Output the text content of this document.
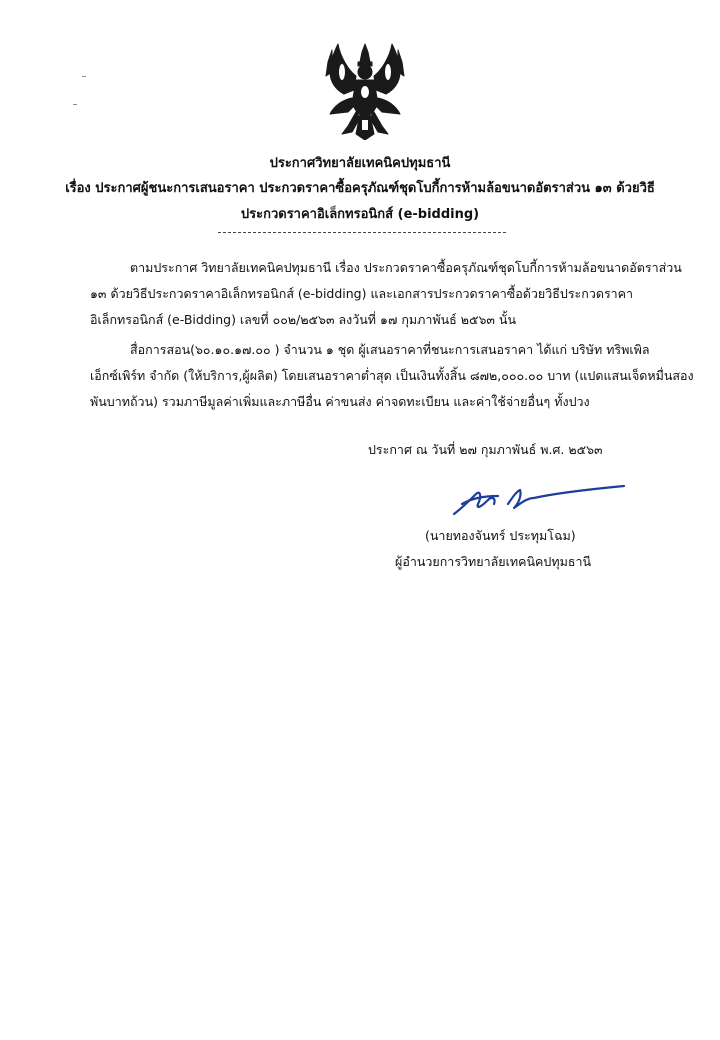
ประกาศวิทยาลัยเทคนิคปทุมธานี
เรื่อง ประกาศผู้ชนะการเสนอราคา ประกวดราคาซื้อครุภัณฑ์ชุดโบกี้การห้ามล้อขนาดอัตราส่วน ๑๓ ด้วยวิธี
ประกวดราคาอิเล็กทรอนิกส์ (e-bidding)
ตามประกาศ วิทยาลัยเทคนิคปทุมธานี เรื่อง ประกวดราคาซื้อครุภัณฑ์ชุดโบกี้การห้ามล้อขนาดอัตราส่วน
๑๓ ด้วยวิธีประกวดราคาอิเล็กทรอนิกส์ (e-bidding) และเอกสารประกวดราคาซื้อด้วยวิธีประกวดราคา
อิเล็กทรอนิกส์ (e-Bidding) เลขที่ ๐๐๒/๒๕๖๓ ลงวันที่ ๑๗ กุมภาพันธ์ ๒๕๖๓ นั้น
สื่อการสอน(๖๐.๑๐.๑๗.๐๐ ) จำนวน ๑ ชุด ผู้เสนอราคาที่ชนะการเสนอราคา ได้แก่ บริษัท ทริพเพิล
เอ็กซ์เพิร์ท จำกัด (ให้บริการ,ผู้ผลิต) โดยเสนอราคาต่ำสุด เป็นเงินทั้งสิ้น ๘๗๒,๐๐๐.๐๐ บาท (แปดแสนเจ็ดหมื่นสอง
พันบาทถ้วน) รวมภาษีมูลค่าเพิ่มและภาษีอื่น ค่าขนส่ง ค่าจดทะเบียน และค่าใช้จ่ายอื่นๆ ทั้งปวง
ประกาศ ณ วันที่ ๒๗ กุมภาพันธ์ พ.ศ. ๒๕๖๓
(นายทองจันทร์ ประทุมโฉม)
ผู้อำนวยการวิทยาลัยเทคนิคปทุมธานี
